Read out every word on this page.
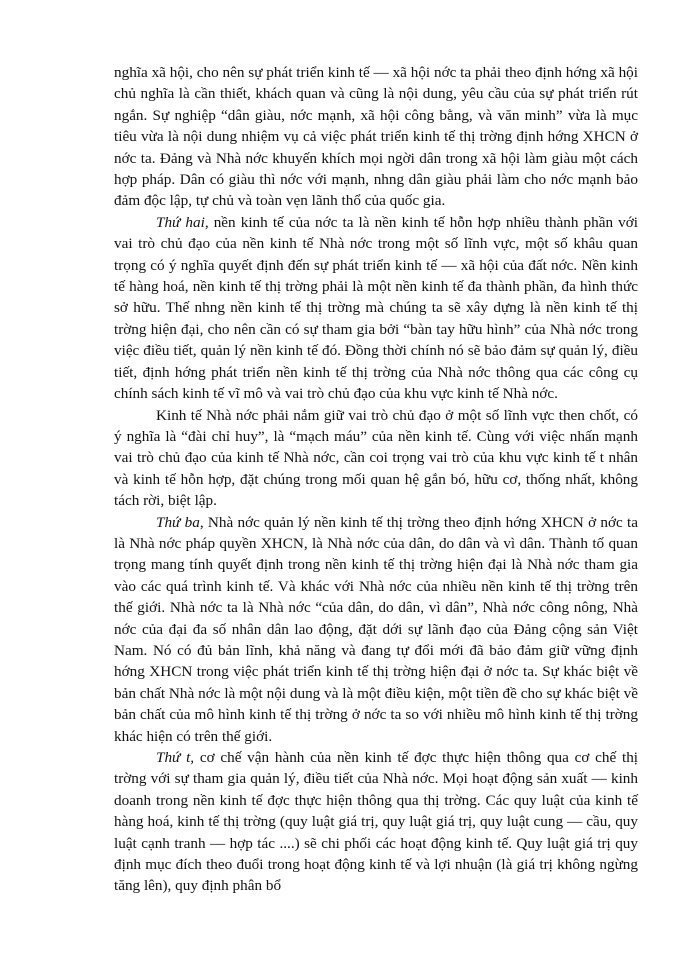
nghĩa xã hội, cho nên sự phát triển kinh tế — xã hội nớc ta phải theo định hớng xã hội chủ nghĩa là cần thiết, khách quan và cũng là nội dung, yêu cầu của sự phát triển rút ngắn. Sự nghiệp “dân giàu, nớc mạnh, xã hội công bằng, và văn minh” vừa là mục tiêu vừa là nội dung nhiệm vụ cả việc phát triển kinh tế thị trờng định hớng XHCN ở nớc ta. Đảng và Nhà nớc khuyến khích mọi ngời dân trong xã hội làm giàu một cách hợp pháp. Dân có giàu thì nớc với mạnh, nhng dân giàu phải làm cho nớc mạnh bảo đảm độc lập, tự chủ và toàn vẹn lãnh thổ của quốc gia.

Thứ hai, nền kinh tế của nớc ta là nền kinh tế hỗn hợp nhiều thành phần với vai trò chủ đạo của nền kinh tế Nhà nớc trong một số lĩnh vực, một số khâu quan trọng có ý nghĩa quyết định đến sự phát triển kinh tế — xã hội của đất nớc. Nền kinh tế hàng hoá, nền kinh tế thị trờng phải là một nền kinh tế đa thành phần, đa hình thức sở hữu. Thế nhng nền kinh tế thị trờng mà chúng ta sẽ xây dựng là nền kinh tế thị trờng hiện đại, cho nên cần có sự tham gia bởi “bàn tay hữu hình” của Nhà nớc trong việc điều tiết, quản lý nền kinh tế đó. Đồng thời chính nó sẽ bảo đảm sự quản lý, điều tiết, định hớng phát triển nền kinh tế thị trờng của Nhà nớc thông qua các công cụ chính sách kinh tế vĩ mô và vai trò chủ đạo của khu vực kinh tế Nhà nớc.

Kinh tế Nhà nớc phải nắm giữ vai trò chủ đạo ở một số lĩnh vực then chốt, có ý nghĩa là “đài chỉ huy”, là “mạch máu” của nền kinh tế. Cùng với việc nhấn mạnh vai trò chủ đạo của kinh tế Nhà nớc, cần coi trọng vai trò của khu vực kinh tế t nhân và kinh tế hỗn hợp, đặt chúng trong mối quan hệ gắn bó, hữu cơ, thống nhất, không tách rời, biệt lập.

Thứ ba, Nhà nớc quản lý nền kinh tế thị trờng theo định hớng XHCN ở nớc ta là Nhà nớc pháp quyền XHCN, là Nhà nớc của dân, do dân và vì dân. Thành tố quan trọng mang tính quyết định trong nền kinh tế thị trờng hiện đại là Nhà nớc tham gia vào các quá trình kinh tế. Và khác với Nhà nớc của nhiều nền kinh tế thị trờng trên thế giới. Nhà nớc ta là Nhà nớc “của dân, do dân, vì dân”, Nhà nớc công nông, Nhà nớc của đại đa số nhân dân lao động, đặt dới sự lãnh đạo của Đảng cộng sản Việt Nam. Nó có đủ bản lĩnh, khả năng và đang tự đổi mới đã bảo đảm giữ vững định hớng XHCN trong việc phát triển kinh tế thị trờng hiện đại ở nớc ta. Sự khác biệt về bản chất Nhà nớc là một nội dung và là một điều kiện, một tiền đề cho sự khác biệt về bản chất của mô hình kinh tế thị trờng ở nớc ta so với nhiều mô hình kinh tế thị trờng khác hiện có trên thế giới.

Thứ t, cơ chế vận hành của nền kinh tế đợc thực hiện thông qua cơ chế thị trờng với sự tham gia quản lý, điều tiết của Nhà nớc. Mọi hoạt động sản xuất — kinh doanh trong nền kinh tế đợc thực hiện thông qua thị trờng. Các quy luật của kinh tế hàng hoá, kinh tế thị trờng (quy luật giá trị, quy luật giá trị, quy luật cung — cầu, quy luật cạnh tranh — hợp tác ....) sẽ chi phối các hoạt động kinh tế. Quy luật giá trị quy định mục đích theo đuổi trong hoạt động kinh tế và lợi nhuận (là giá trị không ngừng tăng lên), quy định phân bổ
